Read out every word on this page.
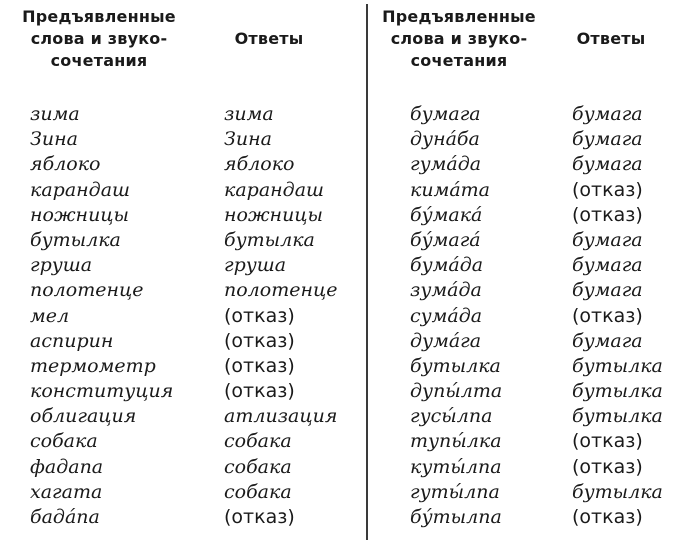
Предъявленные
слова и звуко-
сочетания
Ответы
Предъявленные
слова и звуко-
сочетания
Ответы
зима
Зина
яблоко
карандаш
ножницы
бутылка
груша
полотенце
мел
аспирин
термометр
конституция
облигация
собака
фадапа
хагата
бада́па
зима
Зина
яблоко
карандаш
ножницы
бутылка
груша
полотенце
(отказ)
(отказ)
(отказ)
(отказ)
атлизация
собака
собака
собака
(отказ)
бумага
дуна́ба
гума́да
кима́та
бу́мака́
бу́мага́
бума́да
зума́да
сума́да
дума́га
бутылка
дупы́лта
гусы́лпа
тупы́лка
куты́лпа
гуты́лпа
бу́тылпа
бумага
бумага
бумага
(отказ)
(отказ)
бумага
бумага
бумага
(отказ)
бумага
бутылка
бутылка
бутылка
(отказ)
(отказ)
бутылка
(отказ)
